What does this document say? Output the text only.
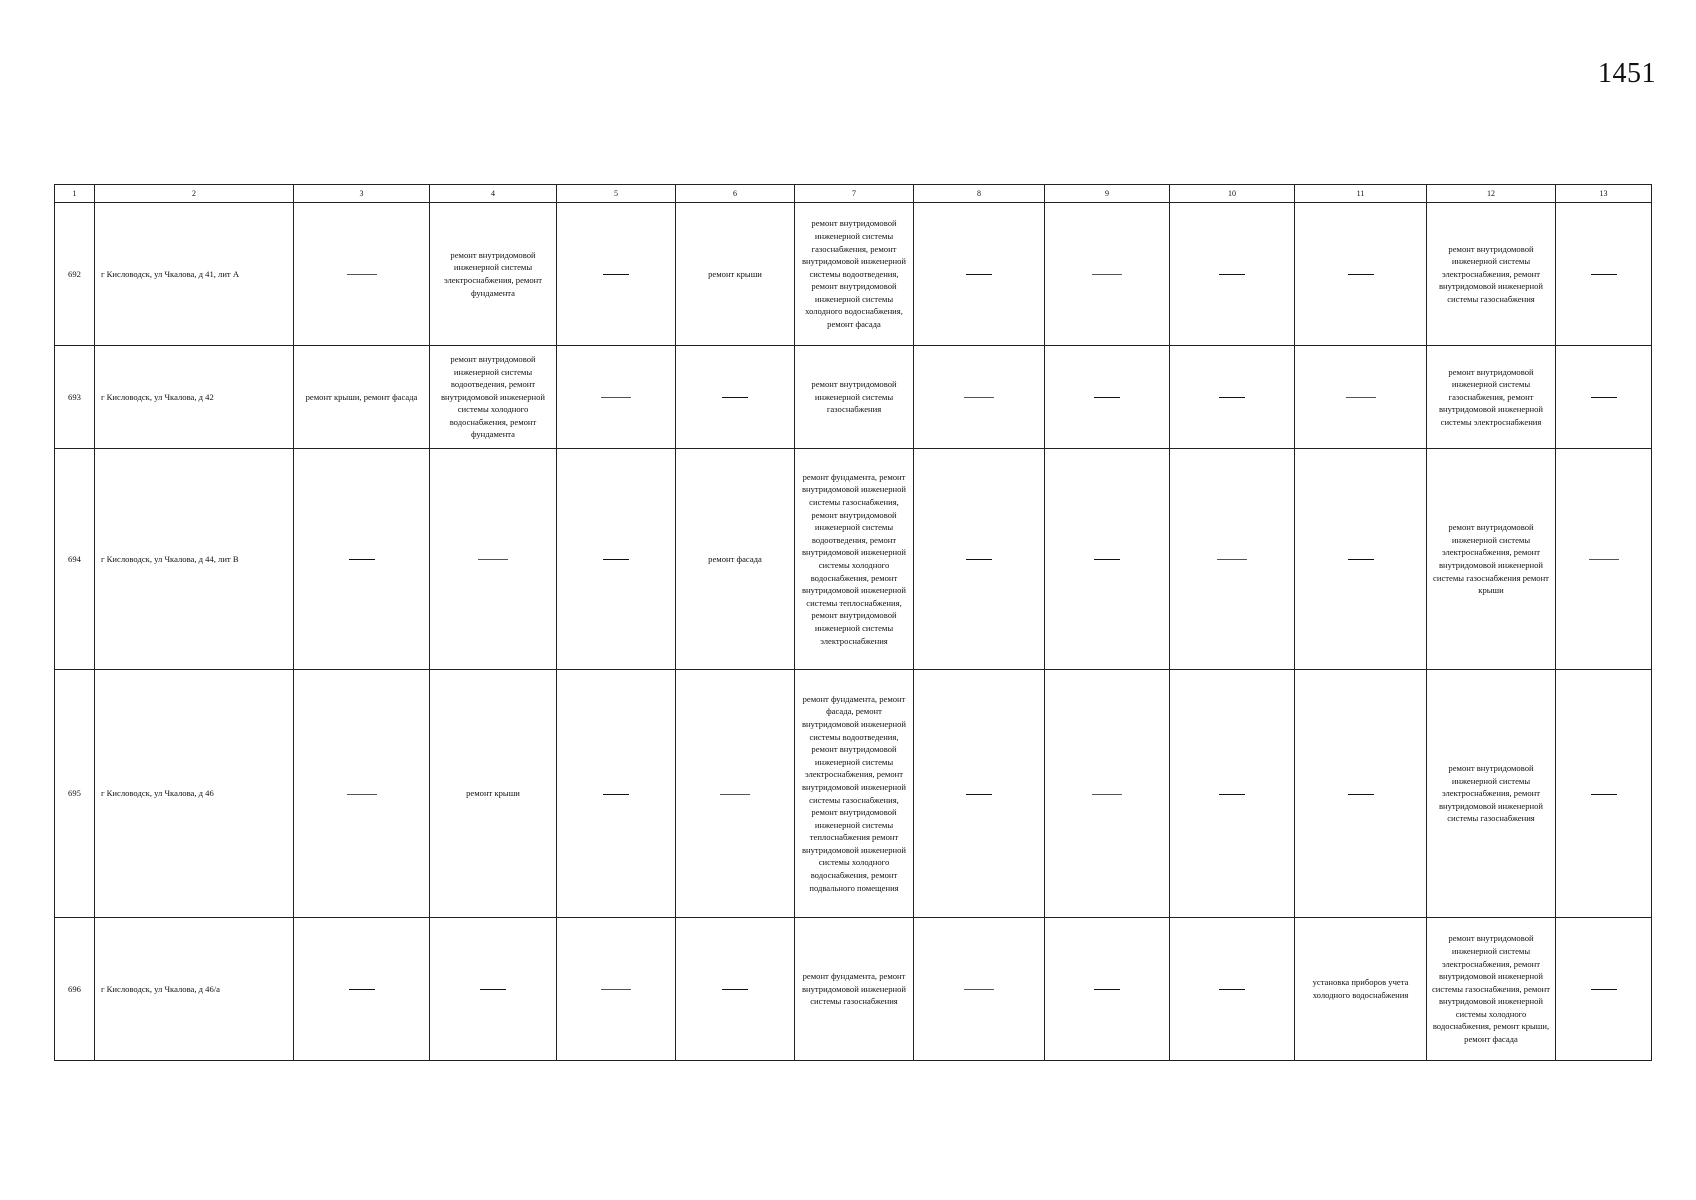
1451
1	2	3	4	5	6	7	8	9	10	11	12	13
692	г Кисловодск, ул Чкалова, д 41, лит А		ремонт внутридомовой инженерной системы электроснабжения, ремонт фундамента		ремонт крыши	ремонт внутридомовой инженерной системы газоснабжения, ремонт внутридомовой инженерной системы водоотведения, ремонт внутридомовой инженерной системы холодного водоснабжения, ремонт фасада					ремонт внутридомовой инженерной системы электроснабжения, ремонт внутридомовой инженерной системы газоснабжения	

693	г Кисловодск, ул Чкалова, д 42	ремонт крыши, ремонт фасада	ремонт внутридомовой инженерной системы водоотведения, ремонт внутридомовой инженерной системы холодного водоснабжения, ремонт фундамента			ремонт внутридомовой инженерной системы газоснабжения					ремонт внутридомовой инженерной системы газоснабжения, ремонт внутридомовой инженерной системы электроснабжения	

694	г Кисловодск, ул Чкалова, д 44, лит В				ремонт фасада	ремонт фундамента, ремонт внутридомовой инженерной системы газоснабжения, ремонт внутридомовой инженерной системы водоотведения, ремонт внутридомовой инженерной системы холодного водоснабжения, ремонт внутридомовой инженерной системы теплоснабжения, ремонт внутридомовой инженерной системы электроснабжения					ремонт внутридомовой инженерной системы электроснабжения, ремонт внутридомовой инженерной системы газоснабжения ремонт крыши	

695	г Кисловодск, ул Чкалова, д 46		ремонт крыши			ремонт фундамента, ремонт фасада, ремонт внутридомовой инженерной системы водоотведения, ремонт внутридомовой инженерной системы электроснабжения, ремонт внутридомовой инженерной системы газоснабжения, ремонт внутридомовой инженерной системы теплоснабжения ремонт внутридомовой инженерной системы холодного водоснабжения, ремонт подвального помещения					ремонт внутридомовой инженерной системы электроснабжения, ремонт внутридомовой инженерной системы газоснабжения	

696	г Кисловодск, ул Чкалова, д 46/а					ремонт фундамента, ремонт внутридомовой инженерной системы газоснабжения				установка приборов учета холодного водоснабжения	ремонт внутридомовой инженерной системы электроснабжения, ремонт внутридомовой инженерной системы газоснабжения, ремонт внутридомовой инженерной системы холодного водоснабжения, ремонт крыши, ремонт фасада	
